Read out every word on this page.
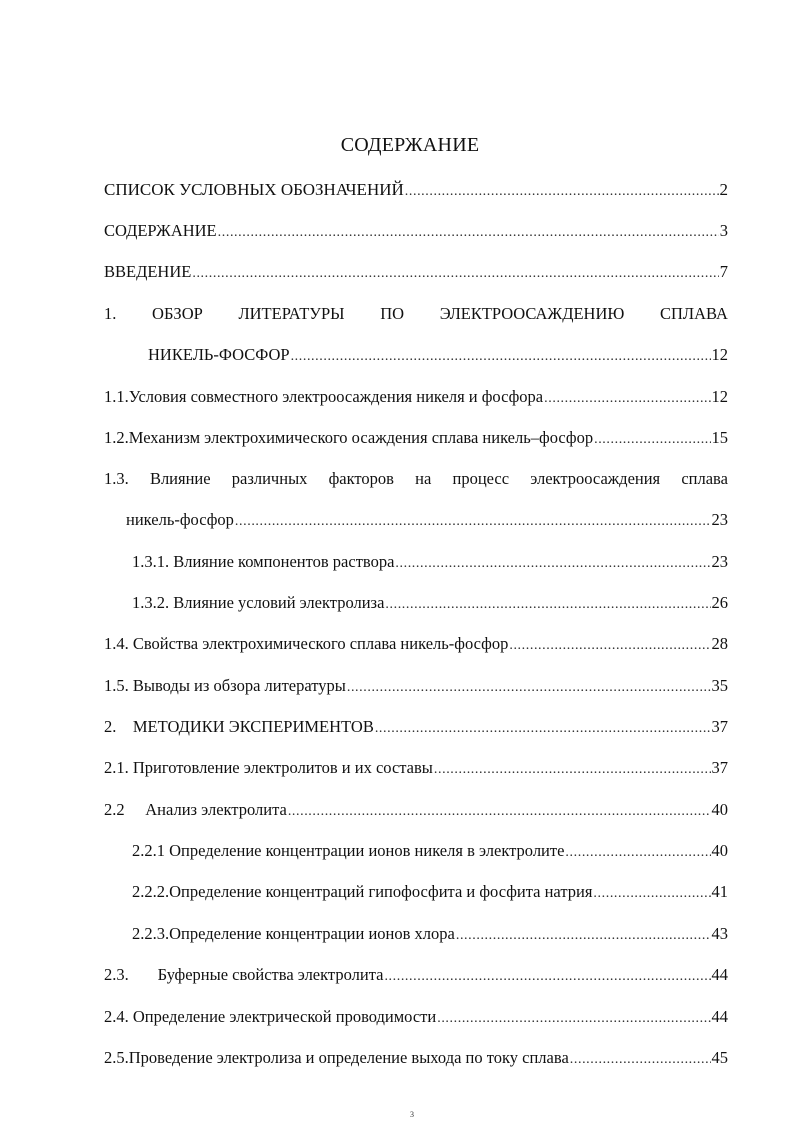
СОДЕРЖАНИЕ
СПИСОК УСЛОВНЫХ ОБОЗНАЧЕНИЙ .....	2
СОДЕРЖАНИЕ .....	3
ВВЕДЕНИЕ .....	7
1. ОБЗОР ЛИТЕРАТУРЫ ПО ЭЛЕКТРООСАЖДЕНИЮ СПЛАВА
НИКЕЛЬ-ФОСФОР .....	12
1.1.Условия совместного электроосаждения никеля и фосфора .....	12
1.2.Механизм электрохимического осаждения сплава никель–фосфор .....	15
1.3. Влияние различных факторов на процесс электроосаждения сплава
никель-фосфор .....	23
1.3.1. Влияние компонентов раствора .....	23
1.3.2. Влияние условий электролиза .....	26
1.4. Свойства электрохимического сплава никель-фосфор .....	28
1.5. Выводы из обзора литературы .....	35
2.    МЕТОДИКИ ЭКСПЕРИМЕНТОВ .....	37
2.1. Приготовление электролитов и их составы .....	37
2.2     Анализ электролита .....	40
2.2.1 Определение концентрации ионов никеля в электролите .....	40
2.2.2.Определение концентраций гипофосфита и фосфита натрия .....	41
2.2.3.Определение концентрации ионов хлора .....	43
2.3.       Буферные свойства электролита .....	44
2.4. Определение электрической проводимости .....	44
2.5.Проведение электролиза и определение выхода по току сплава .....	45
3
